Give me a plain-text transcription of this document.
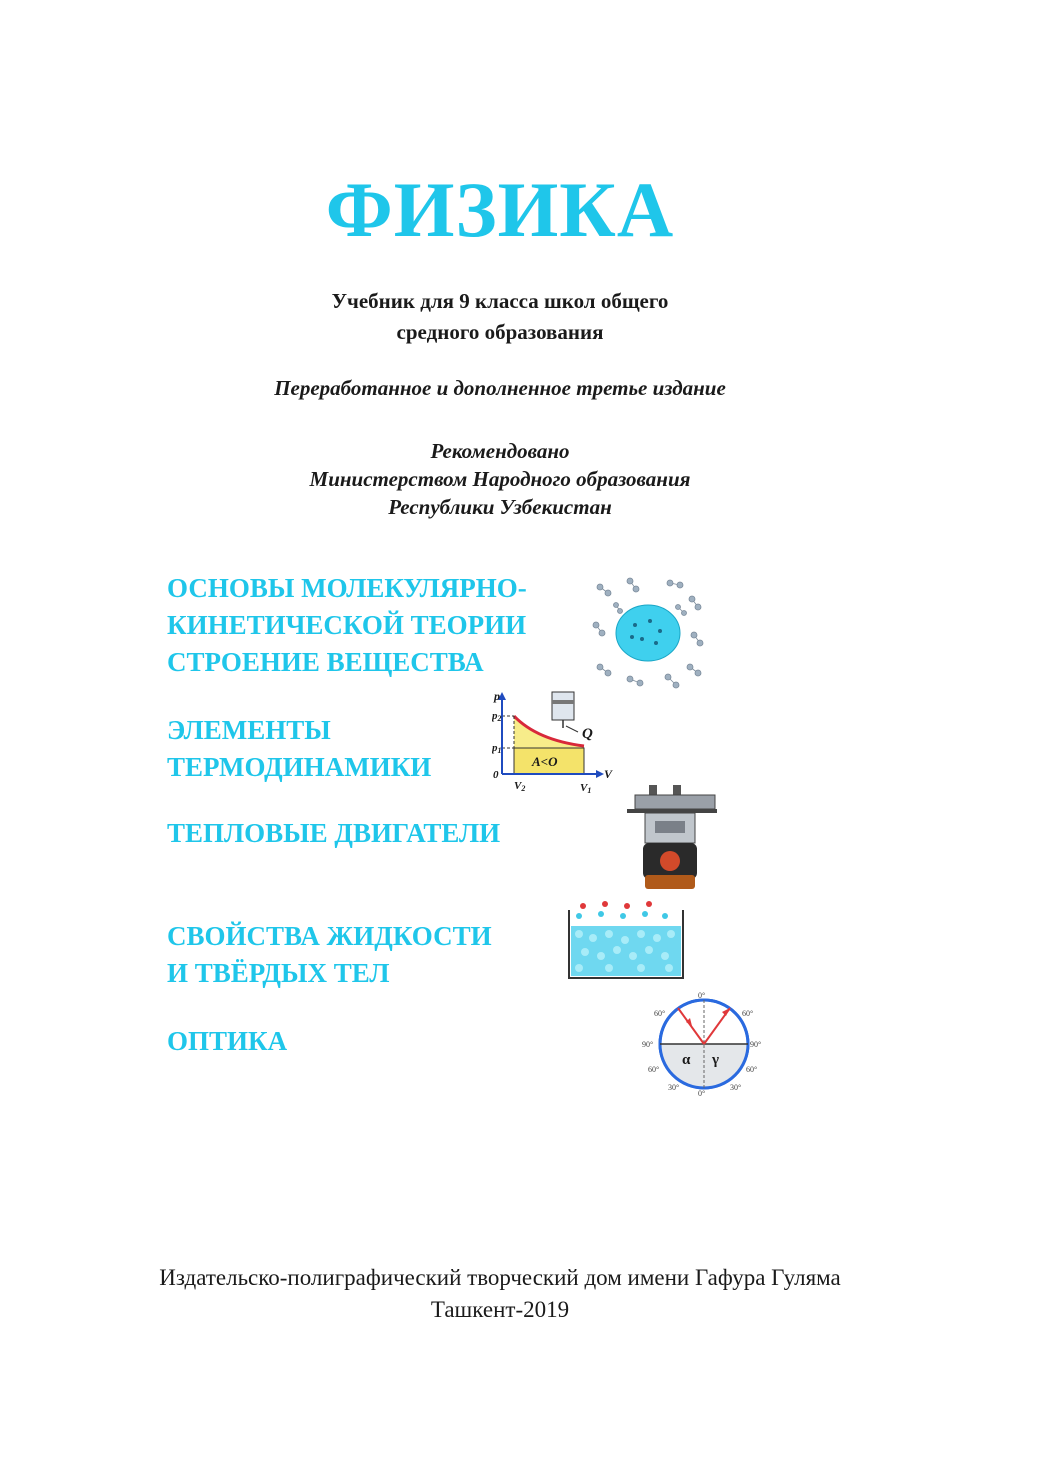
ФИЗИКА
Учебник для 9 класса школ общего
средного образования
Переработанное и дополненное третье издание
Рекомендовано
Министерством Народного образования
Республики Узбекистан
ОСНОВЫ МОЛЕКУЛЯРНО-
КИНЕТИЧЕСКОЙ ТЕОРИИ
СТРОЕНИЕ ВЕЩЕСТВА
ЭЛЕМЕНТЫ
ТЕРМОДИНАМИКИ
ТЕПЛОВЫЕ ДВИГАТЕЛИ
СВОЙСТВА ЖИДКОСТИ
И ТВЁРДЫХ ТЕЛ
ОПТИКА
p
p2
p1
0	V
V2	V1
Q
A<O
0°
0°
60°	60°
90°	90°
60°	60°
30°	30°
α γ
Издательско-полиграфический творческий дом имени Гафура Гуляма
Ташкент-2019
